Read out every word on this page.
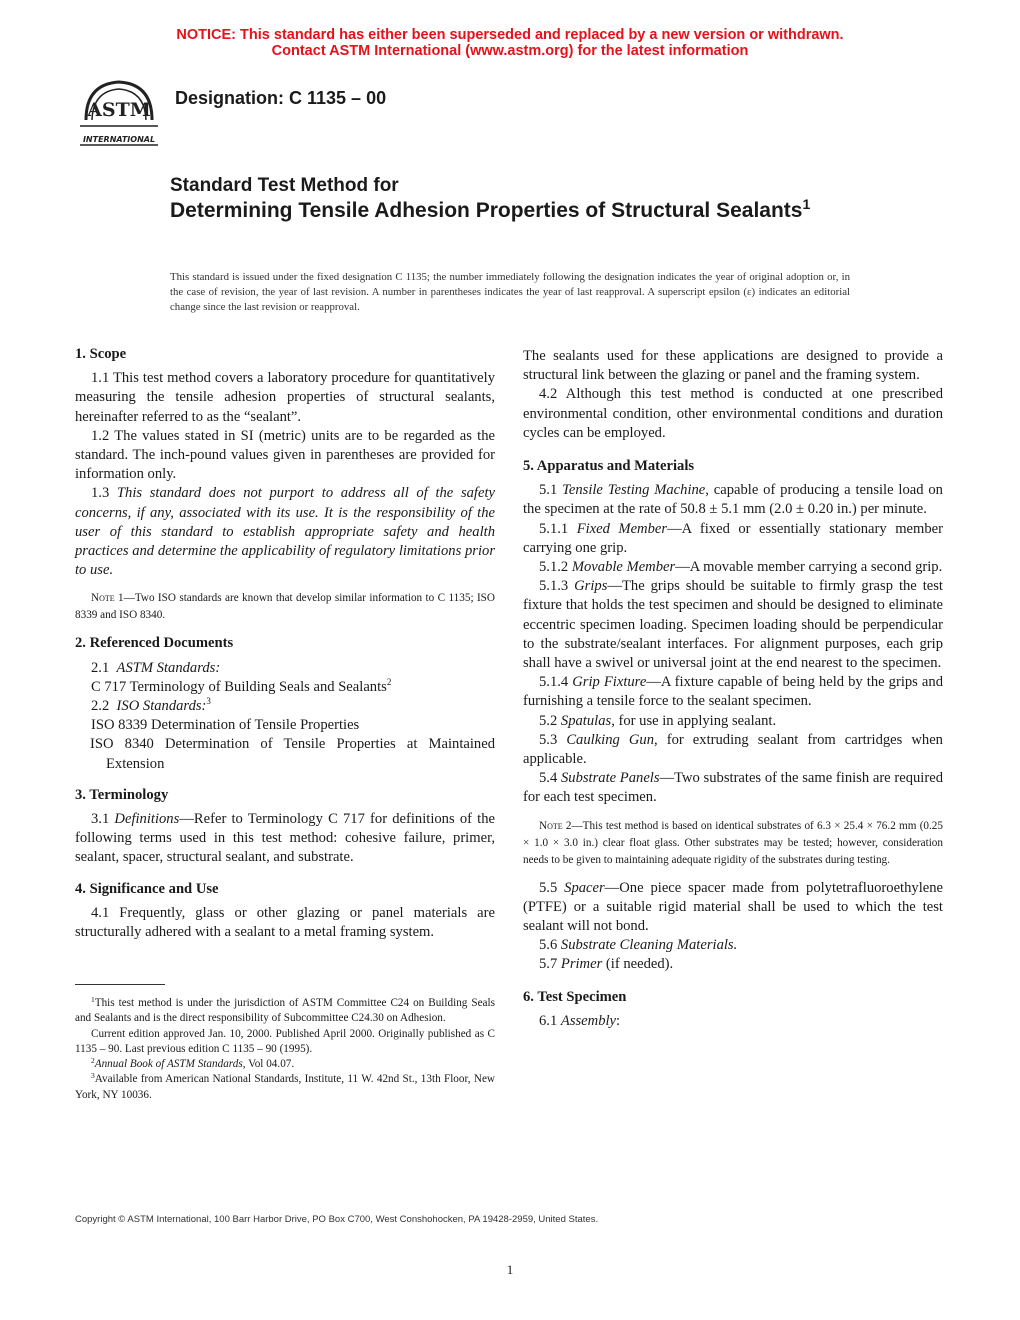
NOTICE: This standard has either been superseded and replaced by a new version or withdrawn.
Contact ASTM International (www.astm.org) for the latest information
ASTM
INTERNATIONAL
Designation: C 1135 – 00
Standard Test Method for
Determining Tensile Adhesion Properties of Structural Sealants$^1$
This standard is issued under the fixed designation C 1135; the number immediately following the designation indicates the year of original adoption or, in the case of revision, the year of last revision. A number in parentheses indicates the year of last reapproval. A superscript epsilon (ε) indicates an editorial change since the last revision or reapproval.
1. Scope

1.1 This test method covers a laboratory procedure for quantitatively measuring the tensile adhesion properties of structural sealants, hereinafter referred to as the “sealant”.

1.2 The values stated in SI (metric) units are to be regarded as the standard. The inch-pound values given in parentheses are provided for information only.

1.3 This standard does not purport to address all of the safety concerns, if any, associated with its use. It is the responsibility of the user of this standard to establish appropriate safety and health practices and determine the applicability of regulatory limitations prior to use.

Note 1—Two ISO standards are known that develop similar information to C 1135; ISO 8339 and ISO 8340.

2. Referenced Documents

2.1 ASTM Standards:

C 717 Terminology of Building Seals and Sealants$^2$

2.2 ISO Standards:$^3$

ISO 8339 Determination of Tensile Properties

ISO 8340 Determination of Tensile Properties at Maintained Extension

3. Terminology

3.1 Definitions—Refer to Terminology C 717 for definitions of the following terms used in this test method: cohesive failure, primer, sealant, spacer, structural sealant, and substrate.

4. Significance and Use

4.1 Frequently, glass or other glazing or panel materials are structurally adhered with a sealant to a metal framing system.

$^1$This test method is under the jurisdiction of ASTM Committee C24 on Building Seals and Sealants and is the direct responsibility of Subcommittee C24.30 on Adhesion.

Current edition approved Jan. 10, 2000. Published April 2000. Originally published as C 1135 – 90. Last previous edition C 1135 – 90 (1995).

$^2$Annual Book of ASTM Standards, Vol 04.07.

$^3$Available from American National Standards, Institute, 11 W. 42nd St., 13th Floor, New York, NY 10036.

The sealants used for these applications are designed to provide a structural link between the glazing or panel and the framing system.

4.2 Although this test method is conducted at one prescribed environmental condition, other environmental conditions and duration cycles can be employed.

5. Apparatus and Materials

5.1 Tensile Testing Machine, capable of producing a tensile load on the specimen at the rate of 50.8 ± 5.1 mm (2.0 ± 0.20 in.) per minute.

5.1.1 Fixed Member—A fixed or essentially stationary member carrying one grip.

5.1.2 Movable Member—A movable member carrying a second grip.

5.1.3 Grips—The grips should be suitable to firmly grasp the test fixture that holds the test specimen and should be designed to eliminate eccentric specimen loading. Specimen loading should be perpendicular to the substrate/sealant interfaces. For alignment purposes, each grip shall have a swivel or universal joint at the end nearest to the specimen.

5.1.4 Grip Fixture—A fixture capable of being held by the grips and furnishing a tensile force to the sealant specimen.

5.2 Spatulas, for use in applying sealant.

5.3 Caulking Gun, for extruding sealant from cartridges when applicable.

5.4 Substrate Panels—Two substrates of the same finish are required for each test specimen.

Note 2—This test method is based on identical substrates of 6.3 × 25.4 × 76.2 mm (0.25 × 1.0 × 3.0 in.) clear float glass. Other substrates may be tested; however, consideration needs to be given to maintaining adequate rigidity of the substrates during testing.

5.5 Spacer—One piece spacer made from polytetrafluoroethylene (PTFE) or a suitable rigid material shall be used to which the test sealant will not bond.

5.6 Substrate Cleaning Materials.

5.7 Primer (if needed).

6. Test Specimen

6.1 Assembly:

Copyright © ASTM International, 100 Barr Harbor Drive, PO Box C700, West Conshohocken, PA 19428-2959, United States.
1
